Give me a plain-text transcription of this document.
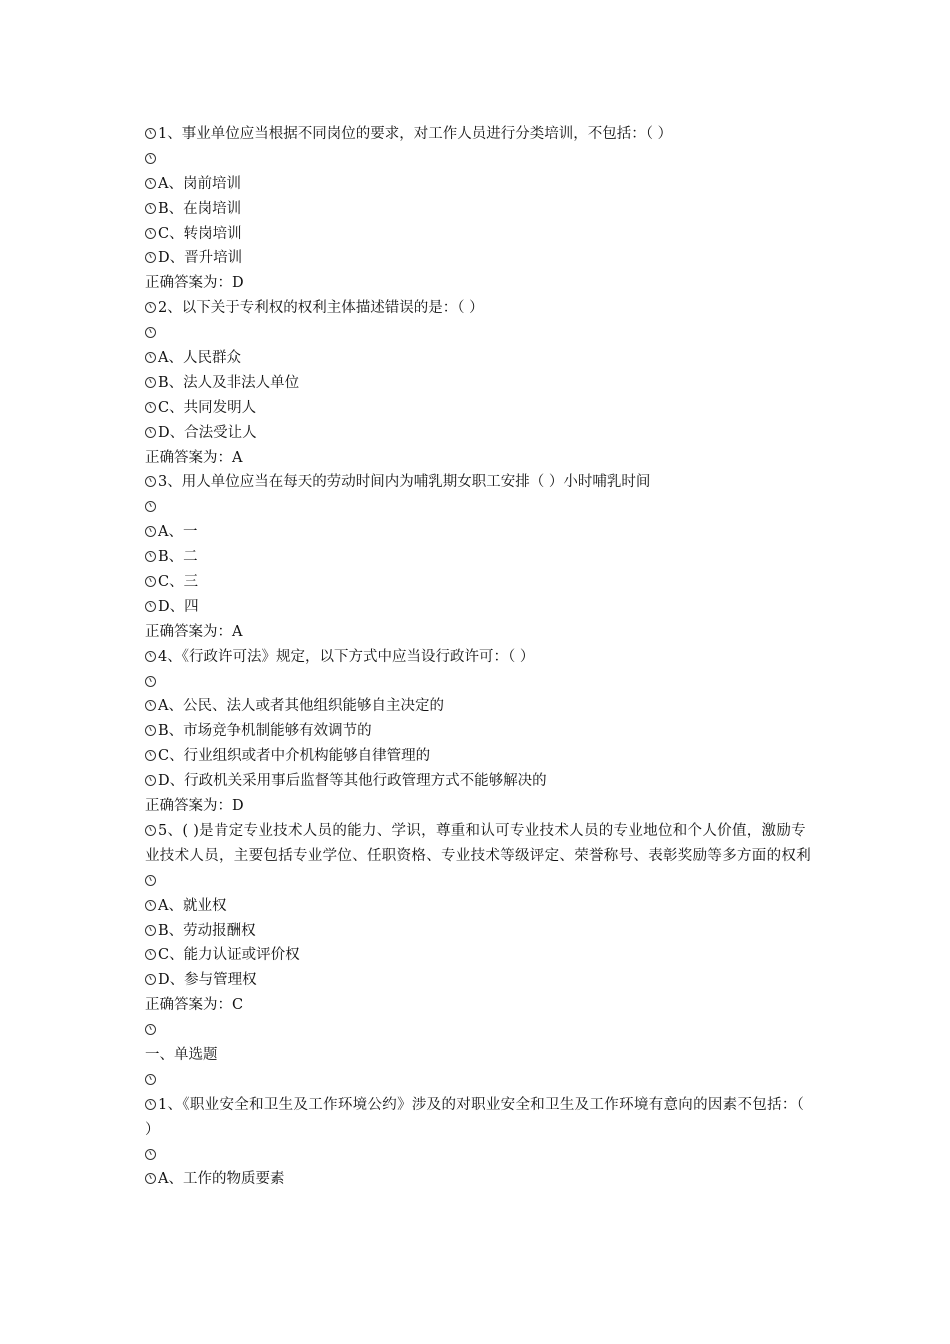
1、事业单位应当根据不同岗位的要求，对工作人员进行分类培训，不包括：（ ）
A、岗前培训
B、在岗培训
C、转岗培训
D、晋升培训
正确答案为：D
2、以下关于专利权的权利主体描述错误的是：（ ）
A、人民群众
B、法人及非法人单位
C、共同发明人
D、合法受让人
正确答案为：A
3、用人单位应当在每天的劳动时间内为哺乳期女职工安排（ ）小时哺乳时间
A、一
B、二
C、三
D、四
正确答案为：A
4、《行政许可法》规定，以下方式中应当设行政许可：（ ）
A、公民、法人或者其他组织能够自主决定的
B、市场竞争机制能够有效调节的
C、行业组织或者中介机构能够自律管理的
D、行政机关采用事后监督等其他行政管理方式不能够解决的
正确答案为：D
5、( )是肯定专业技术人员的能力、学识，尊重和认可专业技术人员的专业地位和个人价值，激励专业技术人员，主要包括专业学位、任职资格、专业技术等级评定、荣誉称号、表彰奖励等多方面的权利
A、就业权
B、劳动报酬权
C、能力认证或评价权
D、参与管理权
正确答案为：C
一、单选题
1、《职业安全和卫生及工作环境公约》涉及的对职业安全和卫生及工作环境有意向的因素不包括：（ ）
A、工作的物质要素
